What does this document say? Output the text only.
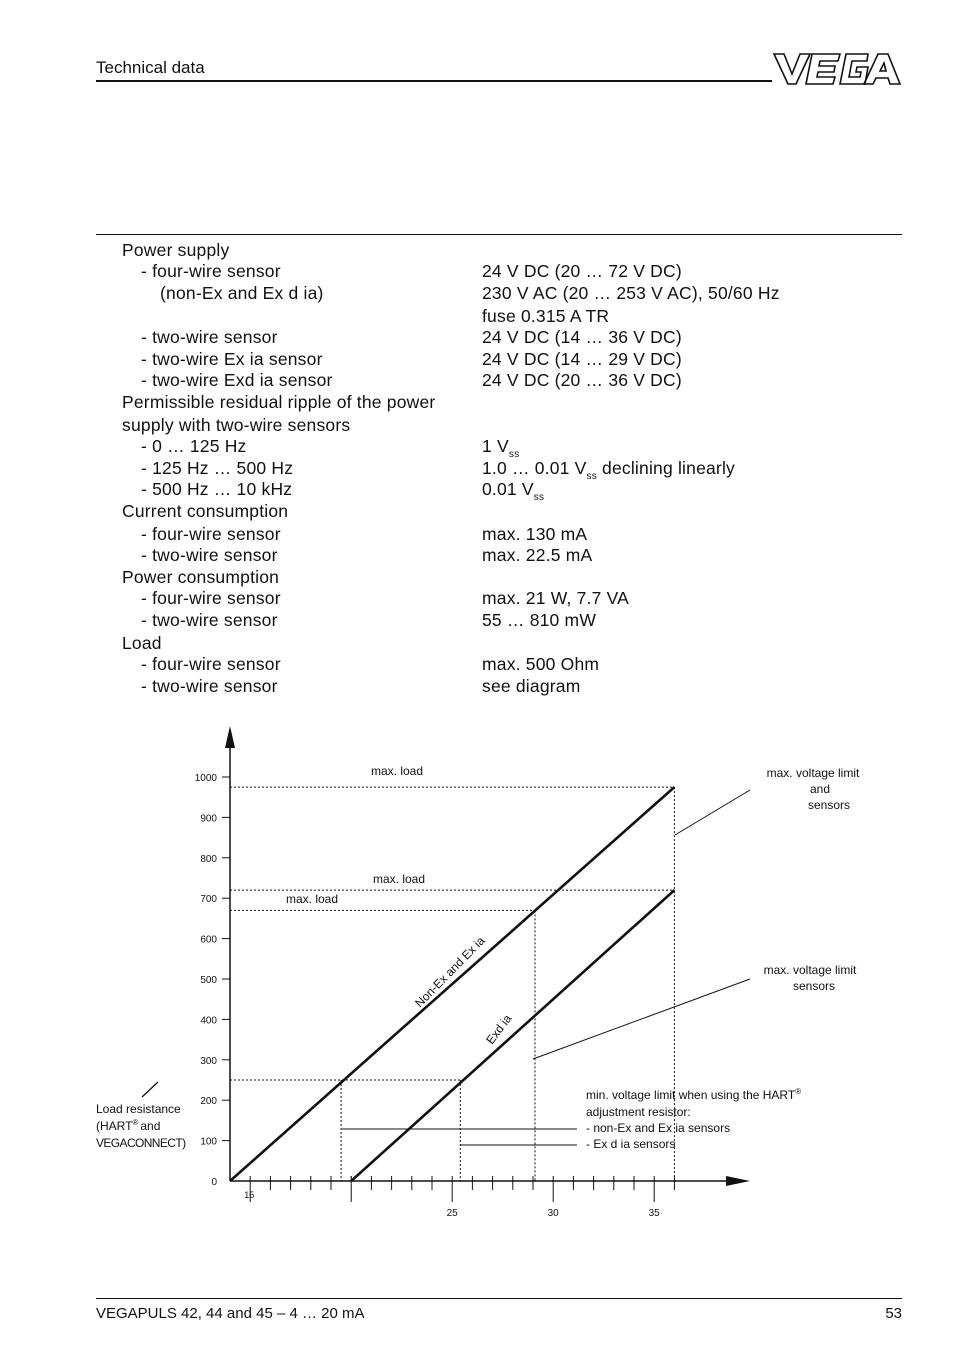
Technical data
Power supply
- four-wire sensor	24 V DC (20 … 72 V DC)
(non-Ex and Ex d ia)	230 V AC (20 … 253 V AC), 50/60 Hz
fuse 0.315 A TR
- two-wire sensor	24 V DC (14 … 36 V DC)
- two-wire Ex ia sensor	24 V DC (14 … 29 V DC)
- two-wire Exd ia sensor	24 V DC (20 … 36 V DC)
Permissible residual ripple of the power
supply with two-wire sensors
- 0 … 125 Hz	1 $V_{ss}$
- 125 Hz … 500 Hz	1.0 … 0.01 $V_{ss}$ declining linearly
- 500 Hz … 10 kHz	0.01 $V_{ss}$
Current consumption
- four-wire sensor	max. 130 mA
- two-wire sensor	max. 22.5 mA
Power consumption
- four-wire sensor	max. 21 W, 7.7 VA
- two-wire sensor	55 … 810 mW
Load
- four-wire sensor	max. 500 Ohm
- two-wire sensor	see diagram
0
100
200
300
400
500
600
700
800
900
1000
15
25	30	35
Non-Ex and Ex ia
Exd ia
max. load
max. load
max. load
max. voltage limit
and
sensors
max. voltage limit
sensors
min. voltage limit when using the HART®
adjustment resistor:
- non-Ex and Ex ia sensors
- Ex d ia sensors
Load resistance
(HART® and
VEGACONNECT)
VEGAPULS 42, 44 and 45 – 4 … 20 mA	53
